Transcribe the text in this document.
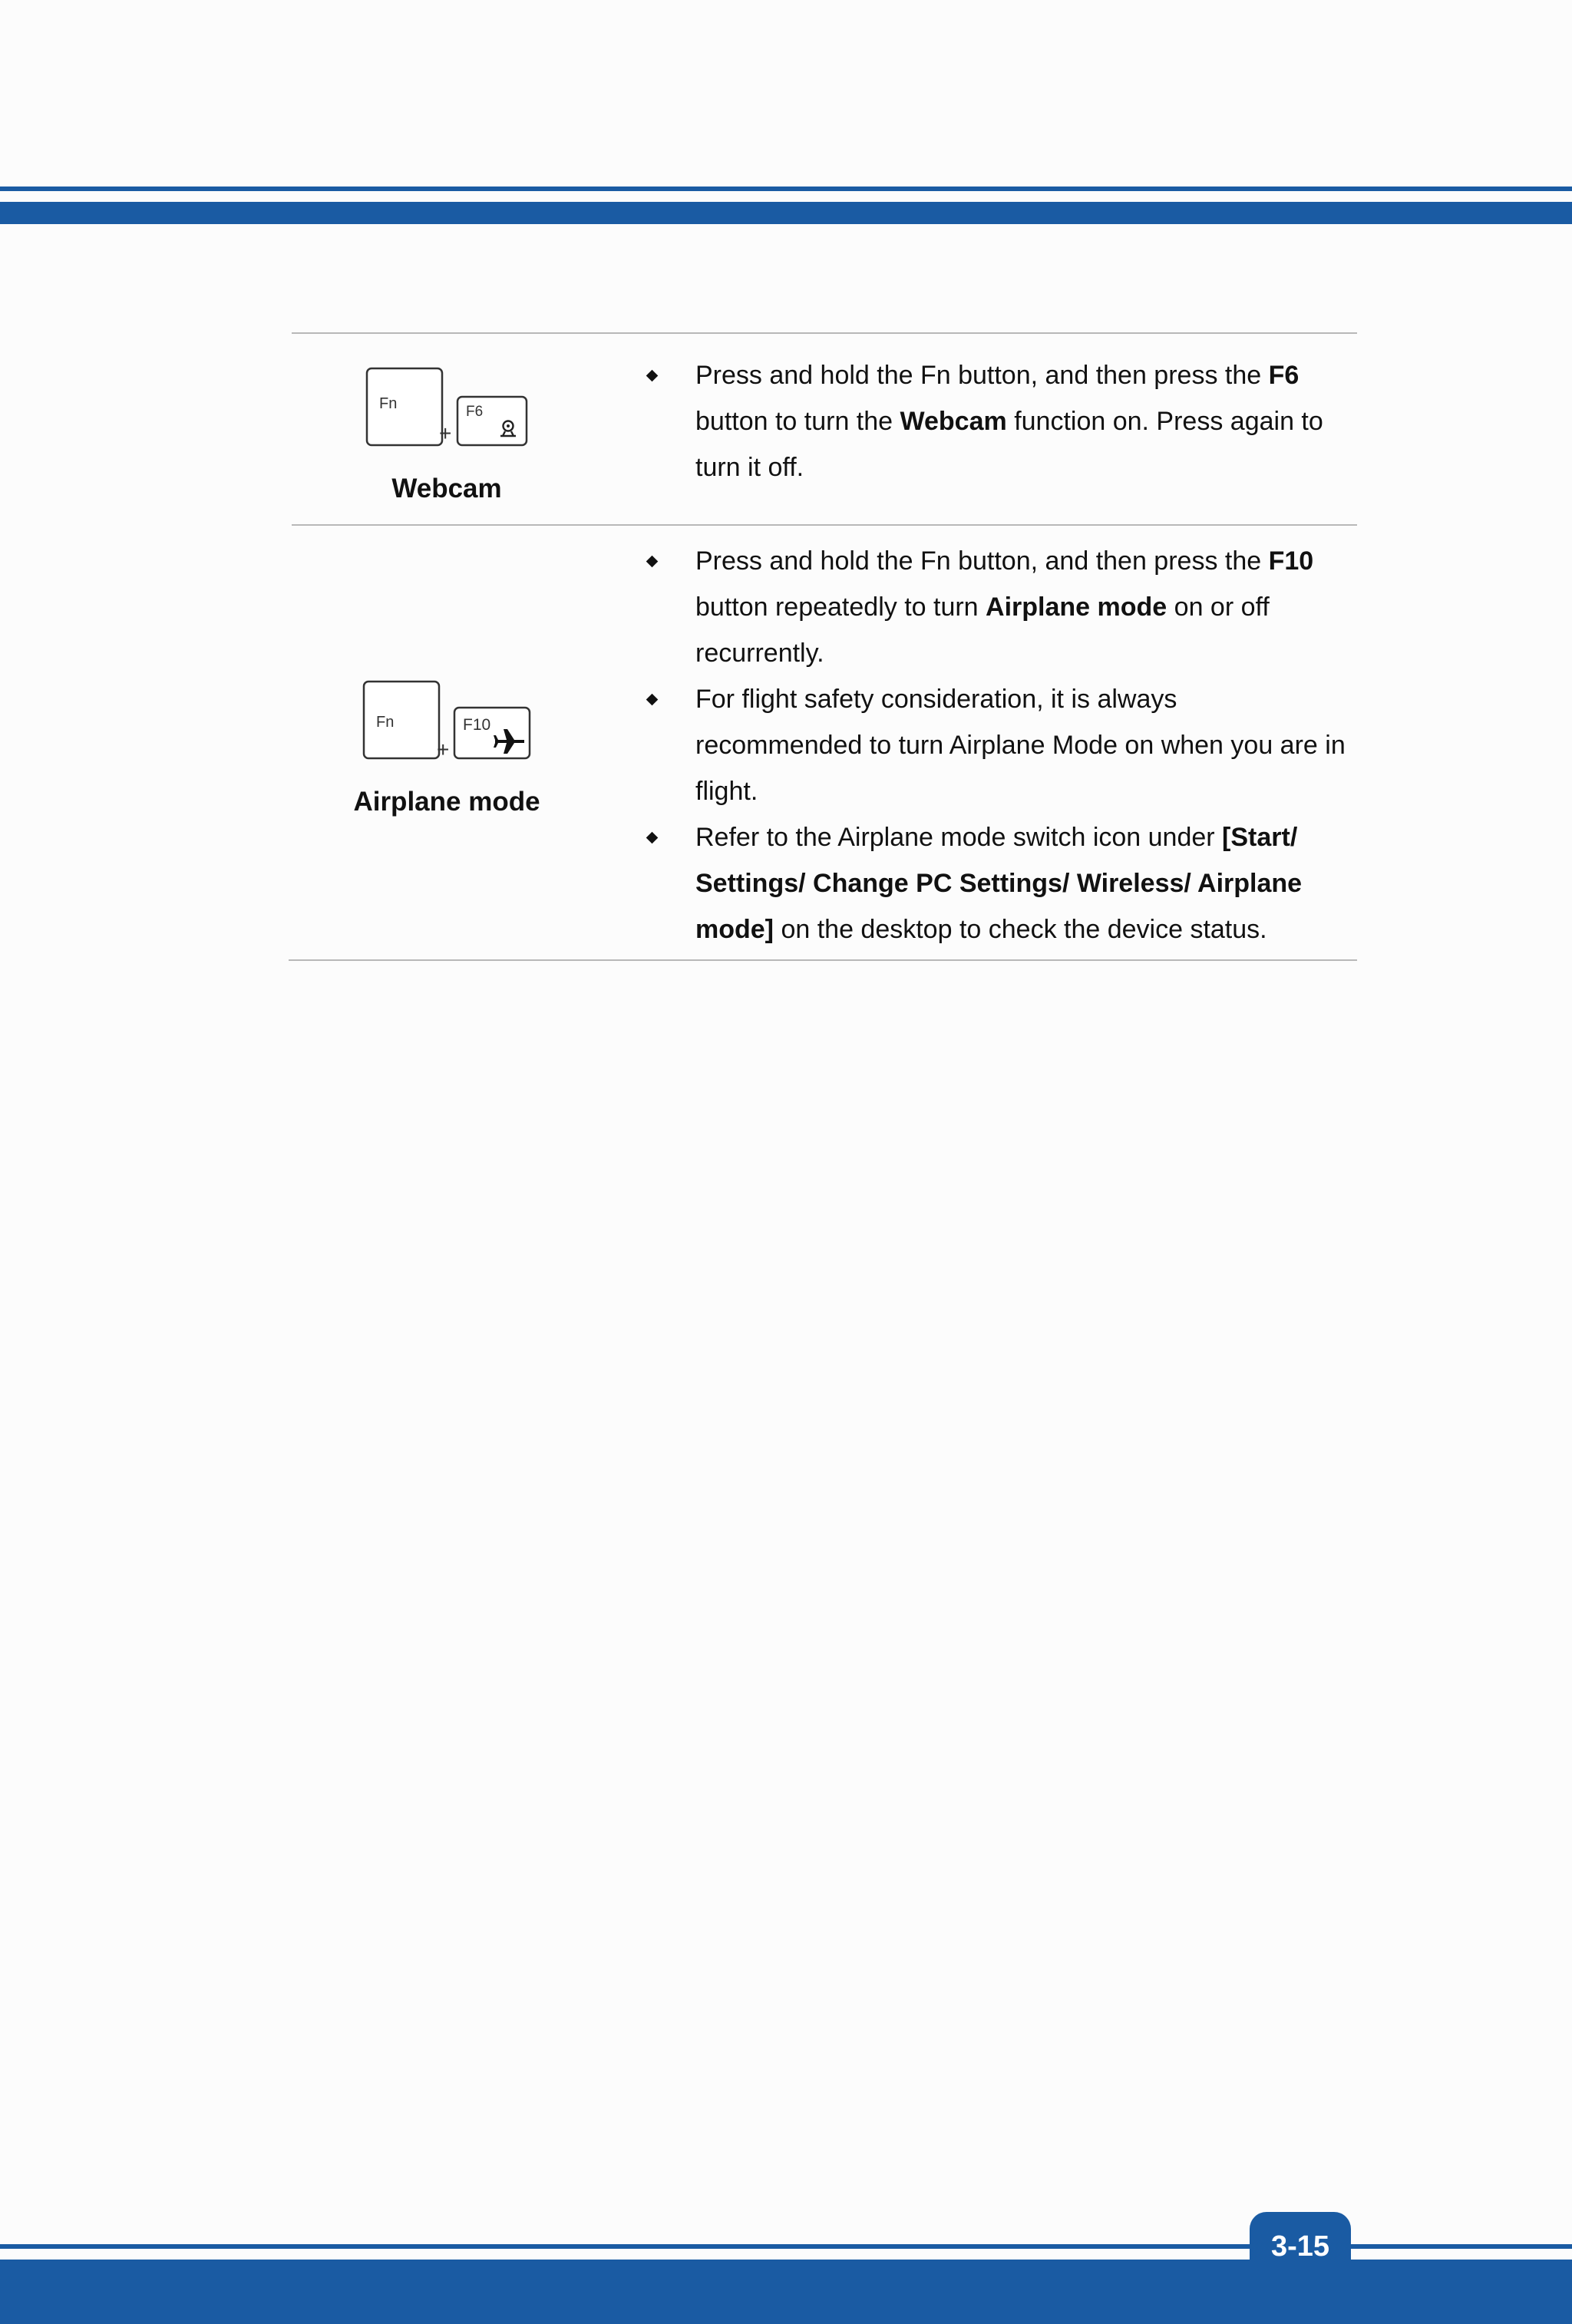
Fn
+
F6
Webcam
Press and hold the Fn button, and then press the F6 button to turn the Webcam function on. Press again to turn it off.
Fn
+
F10
Airplane mode
Press and hold the Fn button, and then press the F10 button repeatedly to turn Airplane mode on or off recurrently.
For flight safety consideration, it is always recommended to turn Airplane Mode on when you are in flight.
Refer to the Airplane mode switch icon under [Start/ Settings/ Change PC Settings/ Wireless/ Airplane mode] on the desktop to check the device status.
3-15
